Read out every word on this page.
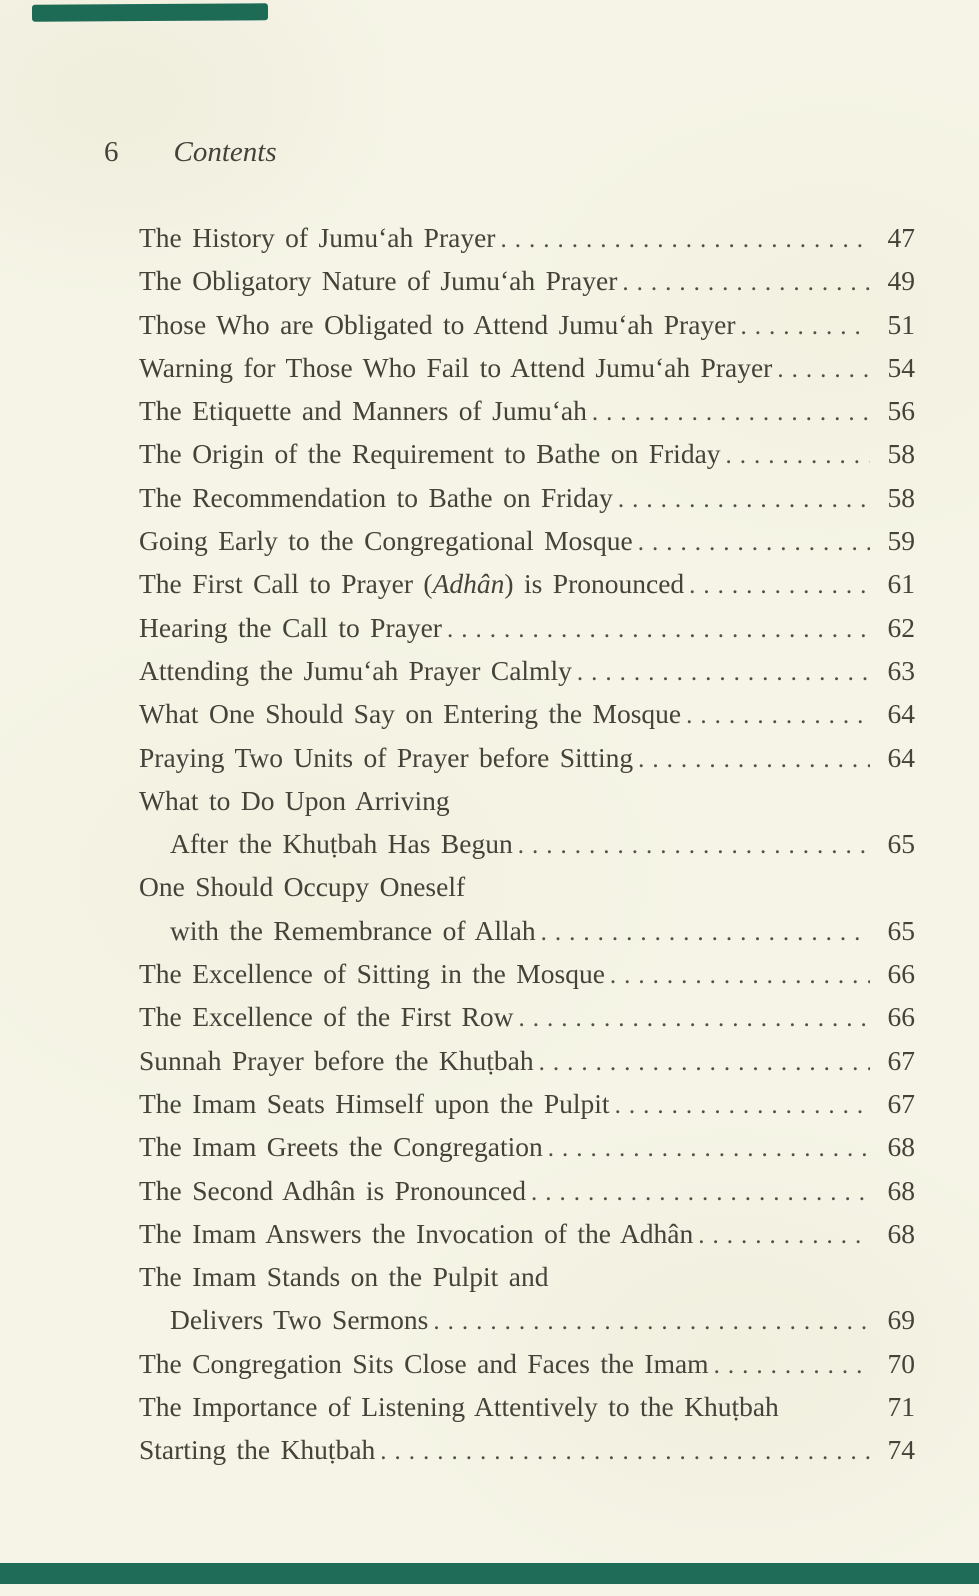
6 Contents
The History of Jumu‘ah Prayer .....	47
The Obligatory Nature of Jumu‘ah Prayer .....	49
Those Who are Obligated to Attend Jumu‘ah Prayer .....	51
Warning for Those Who Fail to Attend Jumu‘ah Prayer .....	54
The Etiquette and Manners of Jumu‘ah .....	56
The Origin of the Requirement to Bathe on Friday .....	58
The Recommendation to Bathe on Friday .....	58
Going Early to the Congregational Mosque .....	59
The First Call to Prayer (Adhân) is Pronounced .....	61
Hearing the Call to Prayer .....	62
Attending the Jumu‘ah Prayer Calmly .....	63
What One Should Say on Entering the Mosque .....	64
Praying Two Units of Prayer before Sitting .....	64
What to Do Upon Arriving
After the Khuṭbah Has Begun .....	65
One Should Occupy Oneself
with the Remembrance of Allah .....	65
The Excellence of Sitting in the Mosque .....	66
The Excellence of the First Row .....	66
Sunnah Prayer before the Khuṭbah .....	67
The Imam Seats Himself upon the Pulpit .....	67
The Imam Greets the Congregation .....	68
The Second Adhân is Pronounced .....	68
The Imam Answers the Invocation of the Adhân .....	68
The Imam Stands on the Pulpit and
Delivers Two Sermons .....	69
The Congregation Sits Close and Faces the Imam .....	70
The Importance of Listening Attentively to the Khuṭbah	71
Starting the Khuṭbah .....	74
